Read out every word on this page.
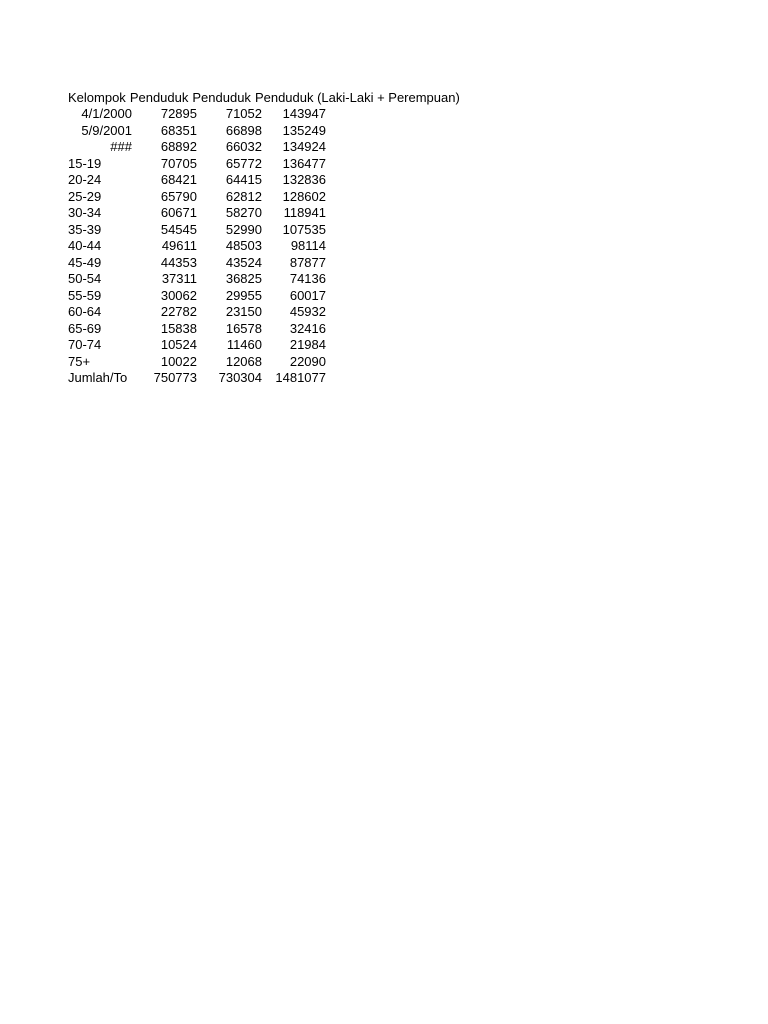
Kelompok Penduduk Penduduk Penduduk (Laki-Laki + Perempuan)
4/1/2000	72895	71052	143947
5/9/2001	68351	66898	135249
###	68892	66032	134924
15-19	70705	65772	136477
20-24	68421	64415	132836
25-29	65790	62812	128602
30-34	60671	58270	118941
35-39	54545	52990	107535
40-44	49611	48503	98114
45-49	44353	43524	87877
50-54	37311	36825	74136
55-59	30062	29955	60017
60-64	22782	23150	45932
65-69	15838	16578	32416
70-74	10524	11460	21984
75+	10022	12068	22090
Jumlah/To	750773	730304	1481077
